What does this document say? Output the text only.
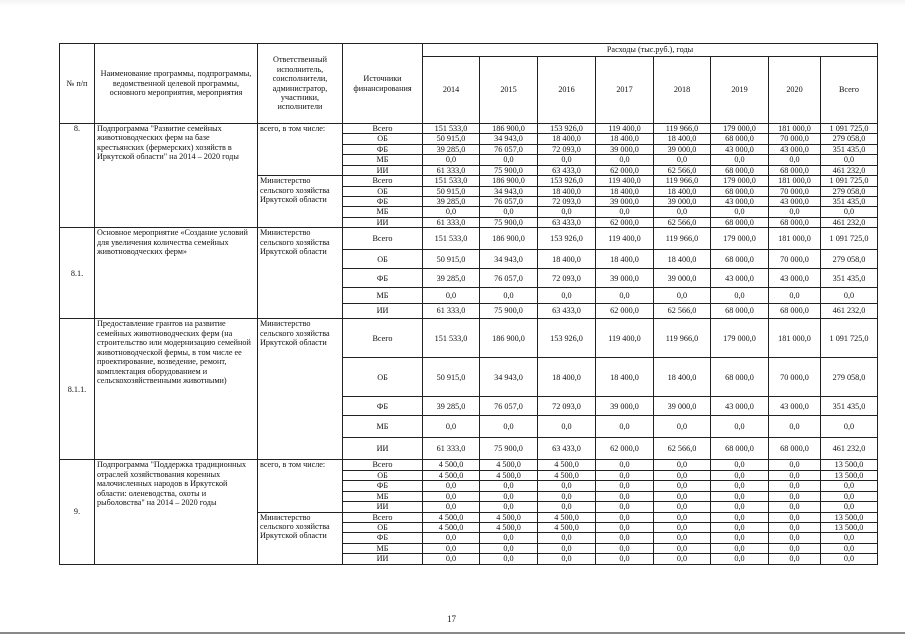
№ п/п	Наименование программы, подпрограммы, ведомственной целевой программы, основного мероприятия, мероприятия	Ответственный исполнитель, соисполнители, администратор, участники, исполнители	Источники финансирования	Расходы (тыс.руб.), годы							
				2014	2015	2016	2017	2018	2019	2020	Всего
8.	Подпрограмма "Развитие семейных животноводческих ферм на базе крестьянских (фермерских) хозяйств в Иркутской области" на 2014 – 2020 годы	всего, в том числе:	Всего	151 533,0	186 900,0	153 926,0	119 400,0	119 966,0	179 000,0	181 000,0	1 091 725,0
			ОБ	50 915,0	34 943,0	18 400,0	18 400,0	18 400,0	68 000,0	70 000,0	279 058,0
			ФБ	39 285,0	76 057,0	72 093,0	39 000,0	39 000,0	43 000,0	43 000,0	351 435,0
			МБ	0,0	0,0	0,0	0,0	0,0	0,0	0,0	0,0
			ИИ	61 333,0	75 900,0	63 433,0	62 000,0	62 566,0	68 000,0	68 000,0	461 232,0
		Министерство сельского хозяйства Иркутской области	Всего	151 533,0	186 900,0	153 926,0	119 400,0	119 966,0	179 000,0	181 000,0	1 091 725,0
			ОБ	50 915,0	34 943,0	18 400,0	18 400,0	18 400,0	68 000,0	70 000,0	279 058,0
			ФБ	39 285,0	76 057,0	72 093,0	39 000,0	39 000,0	43 000,0	43 000,0	351 435,0
			МБ	0,0	0,0	0,0	0,0	0,0	0,0	0,0	0,0
			ИИ	61 333,0	75 900,0	63 433,0	62 000,0	62 566,0	68 000,0	68 000,0	461 232,0
8.1.	Основное мероприятие «Создание условий для увеличения количества семейных животноводческих ферм»	Министерство сельского хозяйства Иркутской области	Всего	151 533,0	186 900,0	153 926,0	119 400,0	119 966,0	179 000,0	181 000,0	1 091 725,0
			ОБ	50 915,0	34 943,0	18 400,0	18 400,0	18 400,0	68 000,0	70 000,0	279 058,0
			ФБ	39 285,0	76 057,0	72 093,0	39 000,0	39 000,0	43 000,0	43 000,0	351 435,0
			МБ	0,0	0,0	0,0	0,0	0,0	0,0	0,0	0,0
			ИИ	61 333,0	75 900,0	63 433,0	62 000,0	62 566,0	68 000,0	68 000,0	461 232,0
8.1.1.	Предоставление грантов на развитие семейных животноводческих ферм (на строительство или модернизацию семейной животноводческой фермы, в том числе ее проектирование, возведение, ремонт, комплектация оборудованием и сельскохозяйственными животными)	Министерство сельского хозяйства Иркутской области	Всего	151 533,0	186 900,0	153 926,0	119 400,0	119 966,0	179 000,0	181 000,0	1 091 725,0
			ОБ	50 915,0	34 943,0	18 400,0	18 400,0	18 400,0	68 000,0	70 000,0	279 058,0
			ФБ	39 285,0	76 057,0	72 093,0	39 000,0	39 000,0	43 000,0	43 000,0	351 435,0
			МБ	0,0	0,0	0,0	0,0	0,0	0,0	0,0	0,0
			ИИ	61 333,0	75 900,0	63 433,0	62 000,0	62 566,0	68 000,0	68 000,0	461 232,0
9.	Подпрограмма "Поддержка традиционных отраслей хозяйствования коренных малочисленных народов в Иркутской области: оленеводства, охоты и рыболовства" на 2014 – 2020 годы	всего, в том числе:	Всего	4 500,0	4 500,0	4 500,0	0,0	0,0	0,0	0,0	13 500,0
			ОБ	4 500,0	4 500,0	4 500,0	0,0	0,0	0,0	0,0	13 500,0
			ФБ	0,0	0,0	0,0	0,0	0,0	0,0	0,0	0,0
			МБ	0,0	0,0	0,0	0,0	0,0	0,0	0,0	0,0
			ИИ	0,0	0,0	0,0	0,0	0,0	0,0	0,0	0,0
		Министерство сельского хозяйства Иркутской области	Всего	4 500,0	4 500,0	4 500,0	0,0	0,0	0,0	0,0	13 500,0
			ОБ	4 500,0	4 500,0	4 500,0	0,0	0,0	0,0	0,0	13 500,0
			ФБ	0,0	0,0	0,0	0,0	0,0	0,0	0,0	0,0
			МБ	0,0	0,0	0,0	0,0	0,0	0,0	0,0	0,0
			ИИ	0,0	0,0	0,0	0,0	0,0	0,0	0,0	0,0
17
